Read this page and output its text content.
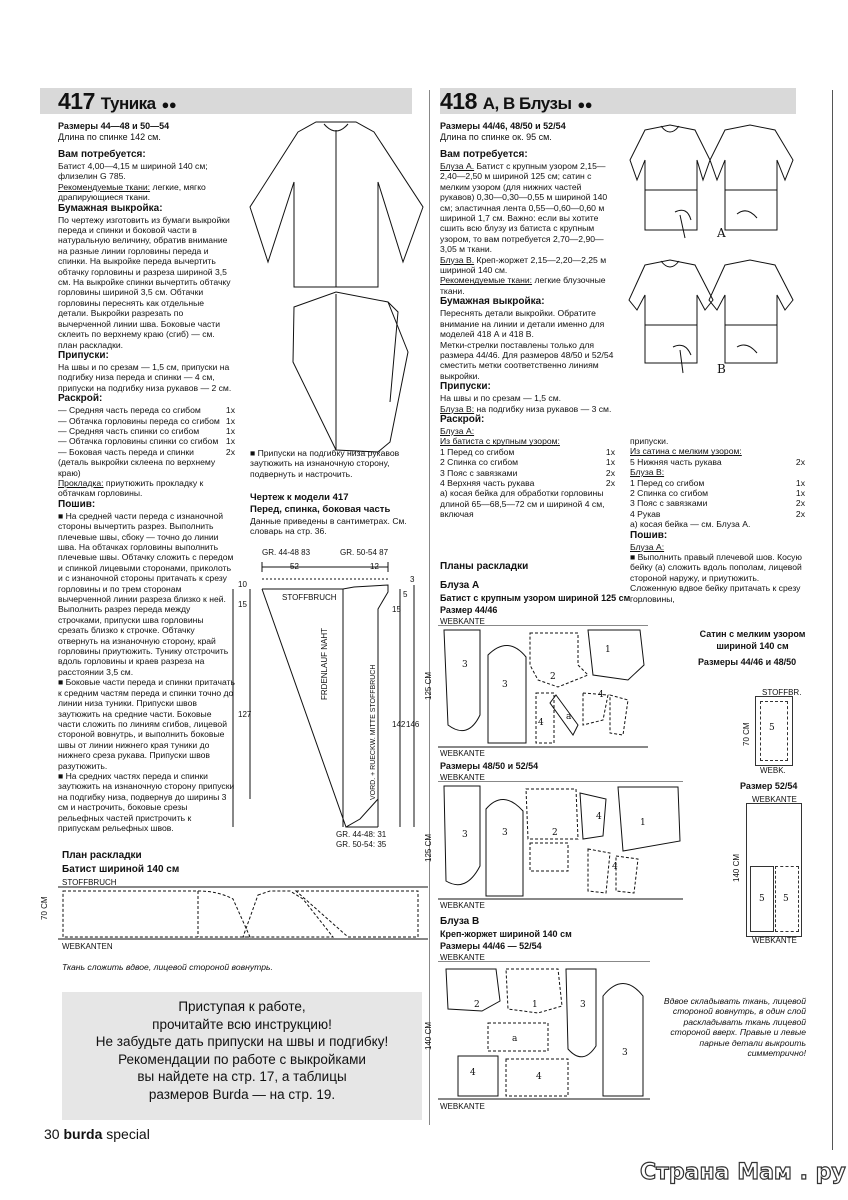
417 Туника ●●
Размеры 44—48 и 50—54
Длина по спинке 142 см.
Вам потребуется:
Батист 4,00—4,15 м шириной 140 см; флизелин G 785.
Рекомендуемые ткани: легкие, мягко драпирующиеся ткани.
Бумажная выкройка:
По чертежу изготовить из бумаги выкройки переда и спинки и боковой части в натуральную величину, обратив внимание на разные линии горловины переда и спинки. На выкройке переда вычертить обтачку горловины и разреза шириной 3,5 см. На выкройке спинки вычертить обтачку горловины шириной 3,5 см. Обтачки горловины переснять как отдельные детали. Выкройки разрезать по вычерченной линии шва. Боковые части склеить по верхнему краю (сгиб) — см. план раскладки.
Припуски:
На швы и по срезам — 1,5 см, припуски на подгибку низа переда и спинки — 4 см, припуски на подгибку низа рукавов — 2 см.
Раскрой:
— Средняя часть переда со сгибом	1х
— Обтачка горловины переда со сгибом 1х
— Средняя часть спинки со сгибом	1х
— Обтачка горловины спинки со сгибом 1х
— Боковая часть переда и спинки (деталь выкройки склеена по верхнему краю)
2х
Прокладка: приутюжить прокладку к обтачкам горловины.
Пошив:
■ На средней части переда с изнаночной стороны вычертить разрез. Выполнить плечевые швы, сбоку — точно до линии шва. На обтачках горловины выполнить плечевые швы. Обтачку сложить с передом и спинкой лицевыми сторонами, приколоть и с изнаночной стороны притачать к срезу горловины и по трем сторонам вычерченной линии разреза близко к ней. Выполнить разрез переда между строчками, припуски шва горловины срезать близко к строчке. Обтачку отвернуть на изнаночную сторону, край горловины приутюжить. Тунику отстрочить вдоль горловины и краев разреза на расстоянии 3,5 см.
■ Боковые части переда и спинки притачать к средним частям переда и спинки точно до линии низа туники. Припуски швов заутюжить на средние части. Боковые части сложить по линиям сгибов, лицевой стороной вовнутрь, и выполнить боковые швы от линии нижнего края туники до нижнего среза рукава. Припуски швов разутюжить.
■ На средних частях переда и спинки заутюжить на изнаночную сторону припуски на подгибку низа, подвернув до ширины 3 см и настрочить, боковые срезы рельефных частей пристрочить к припускам рельефных швов.
■ Припуски на подгибку низа рукавов заутюжить на изнаночную сторону, подвернуть и настрочить.
Чертеж к модели 417
Перед, спинка, боковая часть
Данные приведены в сантиметрах. См. словарь на стр. 36.
GR. 44-48 83	GR. 50-54 87
52	12
10
15
15
127
142 146
3
5
STOFFBRUCH
FRDENLAUF NAHT
VORD. + RUECKW. MITTE STOFFBRUCH
GR. 44-48: 31
GR. 50-54: 35
План раскладки
Батист шириной 140 см
STOFFBRUCH
70 CM
WEBKANTEN
Ткань сложить вдвое, лицевой стороной вовнутрь.
Приступая к работе,
прочитайте всю инструкцию!
Не забудьте дать припуски на швы и подгибку!
Рекомендации по работе с выкройками
вы найдете на стр. 17, а таблицы
размеров Burda — на стр. 19.
30 burda special
418 А, В Блузы ●●
Размеры 44/46, 48/50 и 52/54
Длина по спинке ок. 95 см.
Вам потребуется:
Блуза А. Батист с крупным узором 2,15—2,40—2,50 м шириной 125 см; сатин с мелким узором (для нижних частей рукавов) 0,30—0,30—0,55 м шириной 140 см; эластичная лента 0,55—0,60—0,60 м шириной 1,7 см. Важно: если вы хотите сшить всю блузу из батиста с крупным узором, то вам потребуется 2,70—2,90—3,05 м ткани.
Блуза В. Креп-жоржет 2,15—2,20—2,25 м шириной 140 см.
Рекомендуемые ткани: легкие блузочные ткани.
Бумажная выкройка:
Переснять детали выкройки. Обратите внимание на линии и детали именно для моделей 418 А и 418 В.
Метки-стрелки поставлены только для размера 44/46. Для размеров 48/50 и 52/54 сместить метки соответственно линиям выкройки.
Припуски:
На швы и по срезам — 1,5 см.
Блуза В: на подгибку низа рукавов — 3 см.
Раскрой:
Блуза А:
Из батиста с крупным узором:
1 Перед со сгибом	1х
2 Спинка со сгибом	1х
3 Пояс с завязками	2х
4 Верхняя часть рукава	2х
а) косая бейка для обработки горловины длиной 65—68,5—72 см и шириной 4 см, включая
A
B
припуски.
Из сатина с мелким узором:
5 Нижняя часть рукава	2х
Блуза В:
1 Перед со сгибом	1х
2 Спинка со сгибом	1х
3 Пояс с завязками	2х
4 Рукав	2х
а) косая бейка — см. Блуза А.
Пошив:
Блуза А:
■ Выполнить правый плечевой шов. Косую бейку (а) сложить вдоль пополам, лицевой стороной наружу, и приутюжить. Сложенную вдвое бейку притачать к срезу горловины,
Планы раскладки
Блуза А
Батист с крупным узором шириной 125 см
Размер 44/46
WEBKANTE
3
3
2
4
a
1
4
125 CM
WEBKANTE
Размеры 48/50 и 52/54
WEBKANTE
3	3	2
4
1
4
125 CM
WEBKANTE
Блуза В
Креп-жоржет шириной 140 см
Размеры 44/46 — 52/54
WEBKANTE
2	1	3
3
a
4	4
140 CM
WEBKANTE
Сатин с мелким узором шириной 140 см
Размеры 44/46 и 48/50
STOFFBR.
5
70 CM
WEBK.
Размер 52/54
WEBKANTE
5 5
140 CM
WEBKANTE
Вдвое складывать ткань, лицевой стороной вовнутрь, в один слой раскладывать ткань лицевой стороной вверх. Правые и левые парные детали выкроить симметрично!
Страна Мам . ру
